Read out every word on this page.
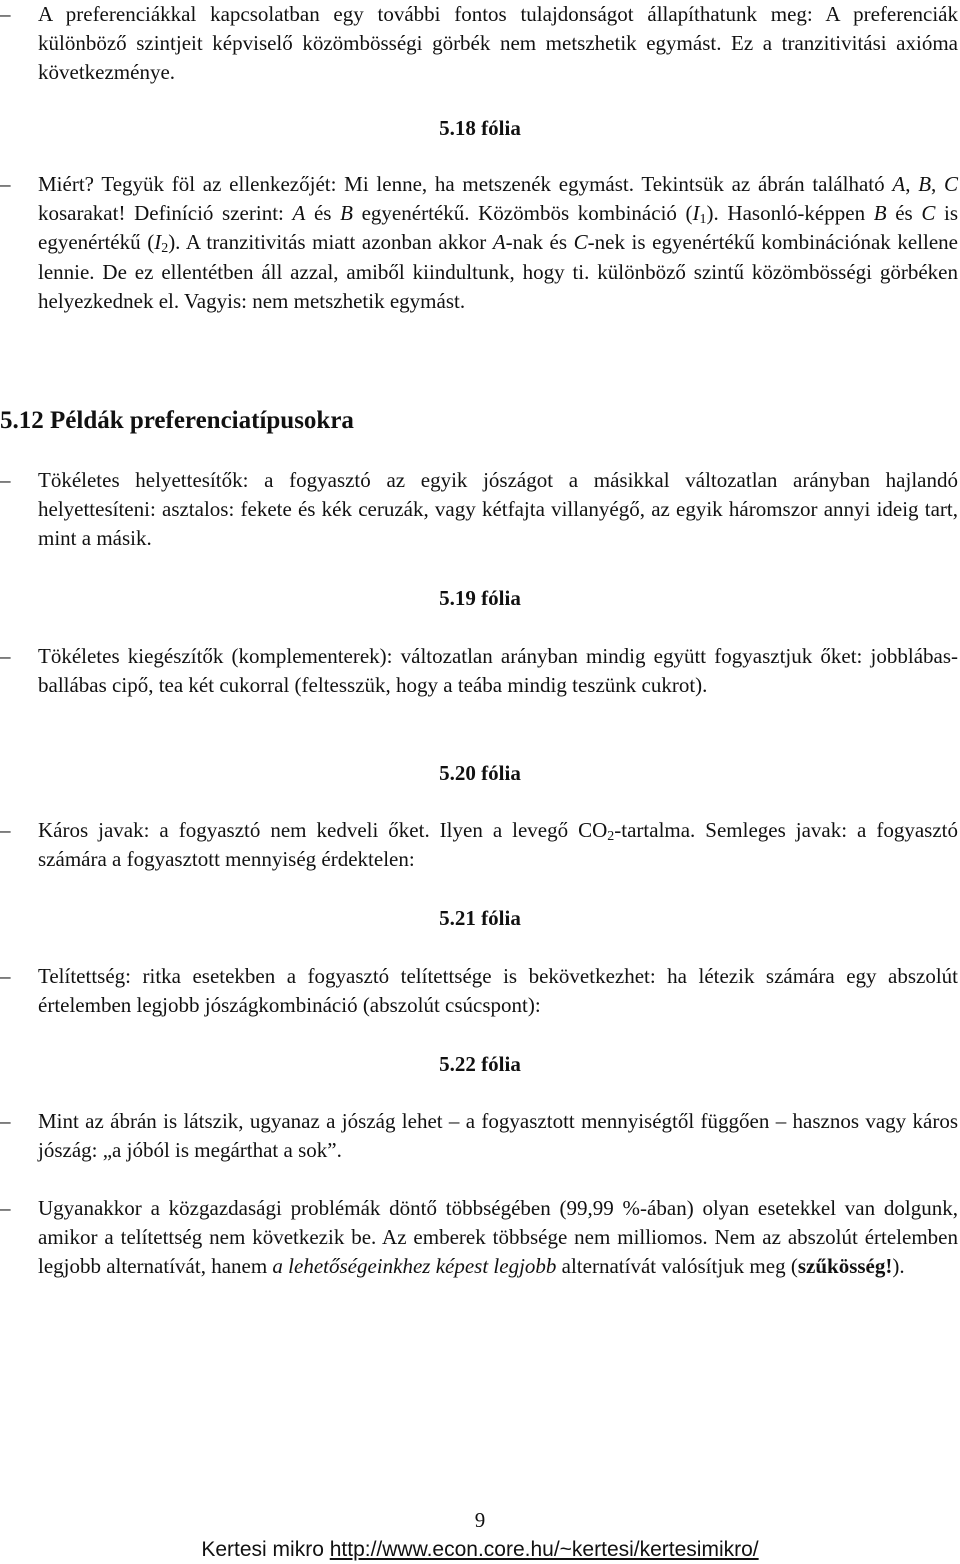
–	A preferenciákkal kapcsolatban egy további fontos tulajdonságot állapíthatunk meg: A preferenciák különböző szintjeit képviselő közömbösségi görbék nem metszhetik egymást. Ez a tranzitivitási axióma következménye.
5.18 fólia
–	Miért? Tegyük föl az ellenkezőjét: Mi lenne, ha metszenék egymást. Tekintsük az ábrán található A, B, C kosarakat! Definíció szerint: A és B egyenértékű. Közömbös kombináció $(I_1)$. Hasonló-képpen B és C is egyenértékű $(I_2)$. A tranzitivitás miatt azonban akkor A-nak és C-nek is egyenértékű kombinációnak kellene lennie. De ez ellentétben áll azzal, amiből kiindultunk, hogy ti. különböző szintű közömbösségi görbéken helyezkednek el. Vagyis: nem metszhetik egymást.
5.12 Példák preferenciatípusokra
–	Tökéletes helyettesítők: a fogyasztó az egyik jószágot a másikkal változatlan arányban hajlandó helyettesíteni: asztalos: fekete és kék ceruzák, vagy kétfajta villanyégő, az egyik háromszor annyi ideig tart, mint a másik.
5.19 fólia
–	Tökéletes kiegészítők (komplementerek): változatlan arányban mindig együtt fogyasztjuk őket: jobblábas-ballábas cipő, tea két cukorral (feltesszük, hogy a teába mindig teszünk cukrot).
5.20 fólia
–	Káros javak: a fogyasztó nem kedveli őket. Ilyen a levegő $CO_2$-tartalma. Semleges javak: a fogyasztó számára a fogyasztott mennyiség érdektelen:
5.21 fólia
–	Telítettség: ritka esetekben a fogyasztó telítettsége is bekövetkezhet: ha létezik számára egy abszolút értelemben legjobb jószágkombináció (abszolút csúcspont):
5.22 fólia
–	Mint az ábrán is látszik, ugyanaz a jószág lehet – a fogyasztott mennyiségtől függően – hasznos vagy káros jószág: „a jóból is megárthat a sok”.
–	Ugyanakkor a közgazdasági problémák döntő többségében (99,99 %-ában) olyan esetekkel van dolgunk, amikor a telítettség nem következik be. Az emberek többsége nem milliomos. Nem az abszolút értelemben legjobb alternatívát, hanem a lehetőségeinkhez képest legjobb alternatívát valósítjuk meg (szűkösség!).
9
Kertesi mikro http://www.econ.core.hu/~kertesi/kertesimikro/
